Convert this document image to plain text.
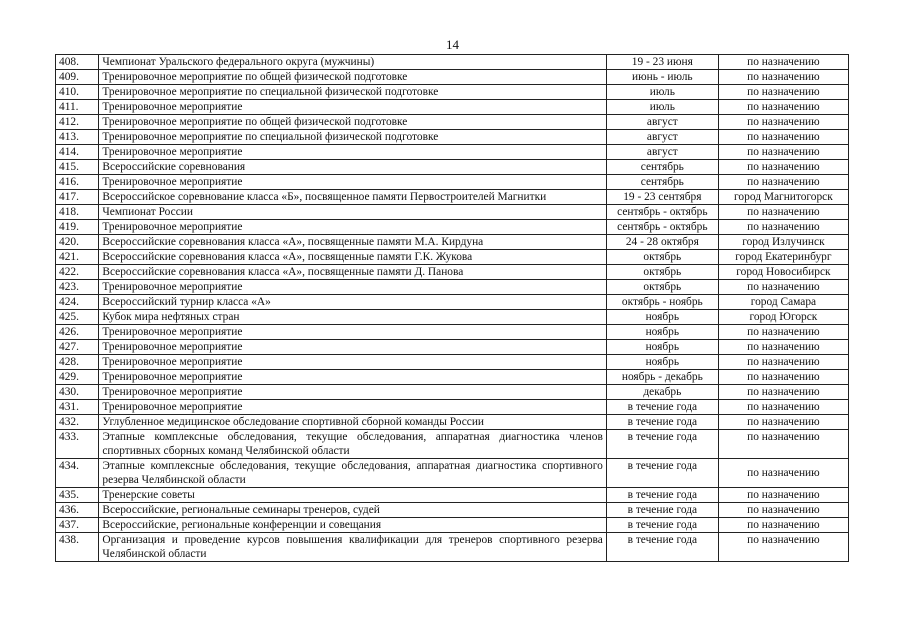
14
408.	Чемпионат Уральского федерального округа (мужчины)	19 - 23 июня	по назначению
409.	Тренировочное мероприятие по общей физической подготовке	июнь - июль	по назначению
410.	Тренировочное мероприятие по специальной физической подготовке	июль	по назначению
411.	Тренировочное мероприятие	июль	по назначению
412.	Тренировочное мероприятие по общей физической подготовке	август	по назначению
413.	Тренировочное мероприятие по специальной физической подготовке	август	по назначению
414.	Тренировочное мероприятие	август	по назначению
415.	Всероссийские соревнования	сентябрь	по назначению
416.	Тренировочное мероприятие	сентябрь	по назначению
417.	Всероссийское соревнование класса «Б», посвященное памяти Первостроителей Магнитки	19 - 23 сентября	город Магнитогорск
418.	Чемпионат России	сентябрь - октябрь	по назначению
419.	Тренировочное мероприятие	сентябрь - октябрь	по назначению
420.	Всероссийские соревнования класса «А», посвященные памяти М.А. Кирдуна	24 - 28 октября	город Излучинск
421.	Всероссийские соревнования класса «А», посвященные памяти Г.К. Жукова	октябрь	город Екатеринбург
422.	Всероссийские соревнования класса «А», посвященные памяти Д. Панова	октябрь	город Новосибирск
423.	Тренировочное мероприятие	октябрь	по назначению
424.	Всероссийский турнир класса «А»	октябрь - ноябрь	город Самара
425.	Кубок мира нефтяных стран	ноябрь	город Югорск
426.	Тренировочное мероприятие	ноябрь	по назначению
427.	Тренировочное мероприятие	ноябрь	по назначению
428.	Тренировочное мероприятие	ноябрь	по назначению
429.	Тренировочное мероприятие	ноябрь - декабрь	по назначению
430.	Тренировочное мероприятие	декабрь	по назначению
431.	Тренировочное мероприятие	в течение года	по назначению
432.	Углубленное медицинское обследование спортивной сборной команды России	в течение года	по назначению
433.	Этапные комплексные обследования, текущие обследования, аппаратная диагностика членов спортивных сборных команд Челябинской области	в течение года	по назначению
434.	Этапные комплексные обследования, текущие обследования, аппаратная диагностика спортивного резерва Челябинской области	в течение года	по назначению
435.	Тренерские советы	в течение года	по назначению
436.	Всероссийские, региональные семинары тренеров, судей	в течение года	по назначению
437.	Всероссийские, региональные конференции и совещания	в течение года	по назначению
438.	Организация и проведение курсов повышения квалификации для тренеров спортивного резерва Челябинской области	в течение года	по назначению
